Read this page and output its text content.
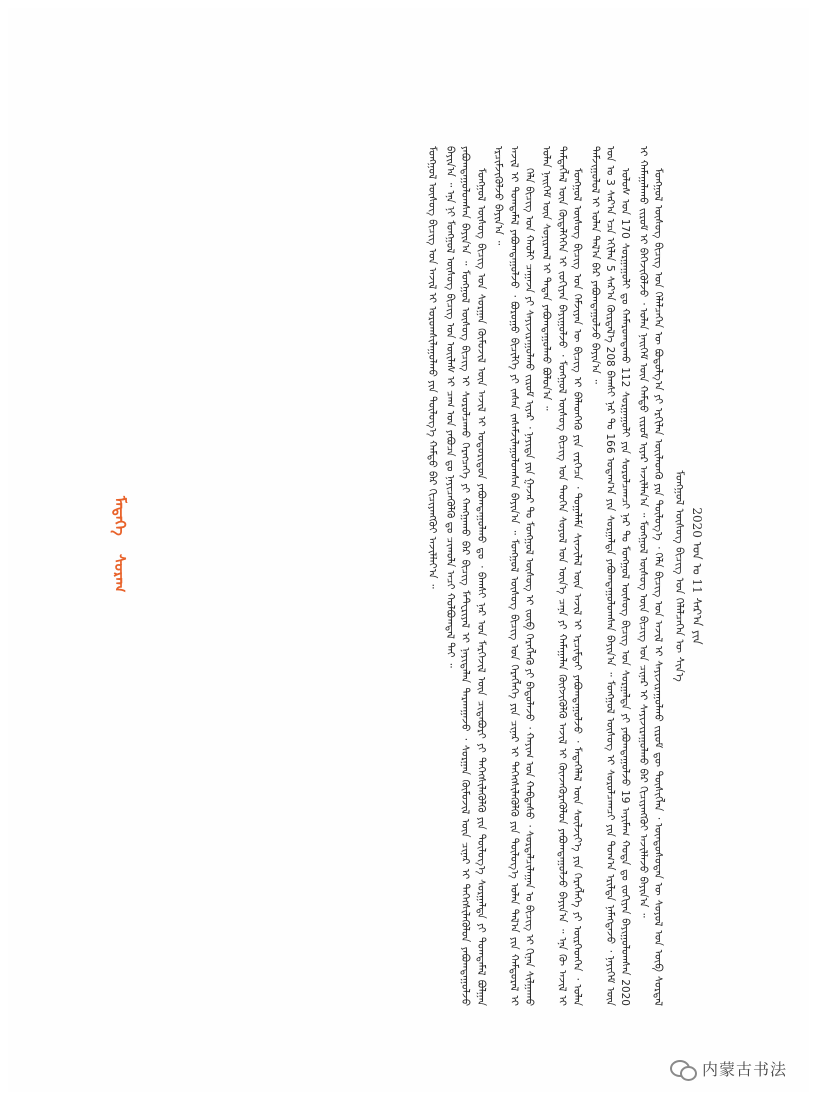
ᠮᠡᠳᠡᠭᠡ
ᠰᠤᠷᠠᠭ	2020 ᠣᠨ ᠤ 11 ᠰᠠᠷ᠎ᠠ ᠶᠢᠨ
ᠮᠣᠩᠭᠣᠯ ᠦᠰᠦᠭ ᠪᠢᠴᠢᠭ ᠤᠨ ᠬᠡᠯᠡᠯᠴᠡᠭᠡᠨ ᠦ ᠰᠢᠨ᠎ᠡ

ᠮᠣᠩᠭᠣᠯ ᠦᠰᠦᠭ ᠪᠢᠴᠢᠭ ᠤᠨ ᠬᠡᠯᠡᠯᠴᠡᠭᠡᠨ ᠦ ᠪᠣᠳᠣᠯᠭ᠎ᠠ ᠶᠢ ᠡᠷᠬᠢᠯᠡᠨ ᠦᠢᠯᠡᠳᠬᠦ ᠶᠢᠨ ᠲᠥᠯᠥᠭ᠎ᠡ ᠂ ᠬᠡᠯᠡ ᠪᠢᠴᠢᠭ ᠤᠨ ᠠᠵᠢᠯ ᠢ ᠰᠠᠶᠢᠵᠢᠷᠠᠭᠤᠯᠬᠤ ᠵᠢᠷᠤᠮ ᠳᠦ ᠲᠦᠰᠢᠭᠯᠠᠨ ᠂ ᠦᠨᠳᠦᠰᠦᠲᠡᠨ ᠦ ᠰᠣᠶᠣᠯ ᠤᠨ ᠦᠪ ᠰᠤᠷᠲᠠᠯ ᠢ ᠬᠠᠮᠠᠭᠠᠯᠠᠬᠤ ᠵᠢᠷᠤᠮ ᠢ ᠪᠡᠬᠡᠵᠢᠭᠦᠯᠵᠦ ᠂ ᠣᠯᠠᠨ ᠨᠡᠢᠭᠡᠮ ᠦᠨ ᠬᠠᠮᠲᠤ ᠵᠢᠷᠤᠮ ᠢᠶᠠᠷ ᠠᠵᠢᠯᠯᠠᠨ᠎ᠠ ᠃ ᠮᠣᠩᠭᠣᠯ ᠦᠰᠦᠭ ᠦᠨ ᠪᠢᠴᠢᠭ ᠤᠨ ᠴᠢᠨᠠᠷ ᠢ ᠰᠠᠶᠢᠵᠢᠷᠠᠭᠤᠯᠬᠤ ᠪᠡᠷ ᠬᠢᠴᠢᠶᠡᠩᠭᠦᠢ ᠠᠵᠢᠯᠯᠠᠵᠤ ᠪᠠᠶᠢᠨ᠎ᠠ ᠃

ᠤᠯᠤᠰ ᠤᠨ 170 ᠰᠤᠷᠭᠠᠭᠤᠯᠢ ᠳᠤ ᠬᠠᠮᠠᠷᠤᠭᠳᠠᠬᠤ 112 ᠰᠤᠷᠭᠠᠭᠤᠯᠢ ᠶᠢᠨ ᠰᠤᠷᠤᠯᠴᠠᠭᠴᠢ ᠨᠠᠷ ᠲᠤ ᠮᠣᠩᠭᠣᠯ ᠦᠰᠦᠭ ᠪᠢᠴᠢᠭ ᠤᠨ ᠰᠤᠷᠭᠠᠯᠲᠠ ᠶᠢ ᠶᠠᠪᠤᠭᠳᠠᠭᠤᠯᠵᠤ 19 ᠠᠶᠢᠮᠠᠭ ᠬᠣᠲᠠ ᠳᠤ ᠵᠣᠬᠢᠶᠠᠨ ᠪᠠᠶᠢᠭᠤᠯᠤᠭᠰᠠᠨ 2020 ᠣᠨ ᠤ 3 ᠰᠠᠷ᠎ᠠ ᠡᠴᠡ ᠡᠬᠢᠯᠡᠨ 5 ᠰᠠᠷ᠎ᠠ ᠬᠦᠷᠲᠡᠯ᠎ᠡ 208 ᠪᠠᠭᠰᠢ ᠨᠠᠷ ᠲᠤ 166 ᠤᠳᠠᠭ᠎ᠠ ᠶᠢᠨ ᠰᠤᠷᠭᠠᠯᠲᠠ ᠶᠠᠪᠤᠭᠳᠠᠭᠤᠯᠤᠭᠰᠠᠨ ᠪᠠᠶᠢᠨ᠎ᠠ ᠃ ᠮᠣᠩᠭᠣᠯ ᠦᠰᠦᠭ ᠢ ᠰᠤᠷᠤᠯᠴᠠᠭᠴᠢ ᠶᠢᠨ ᠲᠣᠭ᠎ᠠ ᠡᠷᠢᠯᠳᠡ ᠨᠡᠮᠡᠭᠳᠡᠵᠦ ᠂ ᠨᠡᠶᠢᠭᠡᠮ ᠦᠨ ᠳᠠᠮᠵᠢᠭᠤᠯᠤᠯ ᠢ ᠣᠯᠠᠨ ᠲᠠᠯ᠎ᠠ ᠪᠠᠷ ᠶᠠᠪᠤᠭᠳᠠᠭᠤᠯᠵᠤ ᠪᠠᠶᠢᠨ᠎ᠠ ᠃

ᠮᠣᠩᠭᠣᠯ ᠦᠰᠦᠭ ᠪᠢᠴᠢᠭ ᠤᠨ ᠬᠡᠮᠵᠢᠶᠡᠨ ᠦ ᠪᠢᠴᠢᠭ ᠢ ᠪᠡᠯᠡᠳᠬᠡᠬᠦ ᠶᠢᠨ ᠵᠡᠷᠭᠡᠴᠡ ᠂ ᠲᠣᠭᠠᠯᠠᠮᠠ ᠰᠢᠨᠵᠢᠯᠡᠯ ᠦᠨ ᠠᠵᠢᠯ ᠢ ᠡᠷᠴᠢᠮᠲᠡᠢ ᠶᠠᠪᠤᠭᠳᠠᠭᠤᠯᠵᠤ ᠂ ᠮᠡᠳᠡᠭᠡᠯᠡᠯ ᠦᠨ ᠰᠦᠯᠵᠢᠶ᠎ᠡ ᠶᠢᠨ ᠬᠡᠷᠡᠭᠯᠡᠭᠡ ᠶᠢ ᠥᠷᠭᠡᠳᠬᠡᠨ ᠂ ᠣᠯᠠᠨ ᠲᠡᠮᠳᠡᠭᠯᠡᠯ ᠦᠨ ᠬᠦᠳᠡᠯᠭᠡᠭᠡᠨ ᠢ ᠵᠣᠬᠢᠶᠠᠨ ᠪᠠᠶᠢᠭᠤᠯᠵᠤ ᠂ ᠮᠣᠩᠭᠣᠯ ᠦᠰᠦᠭ ᠪᠢᠴᠢᠭ ᠤᠨ ᠲᠡᠦᠬᠡᠨ ᠰᠣᠶᠣᠯ ᠤᠨ ᠦᠨ᠎ᠡ ᠴᠡᠨᠡ ᠶᠢ ᠬᠠᠮᠠᠭᠠᠯᠠᠨ ᠬᠥᠭᠵᠢᠭᠦᠯᠬᠦ ᠠᠵᠢᠯ ᠢ ᠭᠦᠨᠵᠡᠭᠦᠷᠡᠭᠦᠯᠦᠨ ᠶᠠᠪᠤᠭᠳᠠᠭᠤᠯᠵᠤ ᠪᠠᠶᠢᠨ᠎ᠠ ᠃ ᠡᠨᠡ ᠬᠦ ᠠᠵᠢᠯ ᠢ ᠣᠯᠠᠨ ᠨᠡᠢᠭᠡᠮ ᠦᠨ ᠰᠣᠨᠢᠷᠬᠠᠯ ᠢ ᠲᠠᠲᠠᠨ ᠶᠠᠪᠤᠭᠳᠠᠭᠤᠯᠬᠤ ᠪᠣᠯᠤᠨ᠎ᠠ ᠃

ᠬᠡᠯᠡ ᠪᠢᠴᠢᠭ ᠤᠨ ᠬᠠᠤᠯᠢ ᠴᠠᠭᠠᠵᠠ ᠶᠢ ᠰᠠᠶᠢᠵᠢᠷᠠᠭᠤᠯᠬᠤ ᠵᠢᠷᠤᠮ ᠢᠶᠠᠷ ᠂ ᠨᠡᠶᠢᠲᠡ ᠶᠢᠨ ᠭᠠᠵᠠᠷ ᠲᠤ ᠮᠣᠩᠭᠣᠯ ᠦᠰᠦᠭ ᠢ ᠵᠥᠪ ᠬᠡᠷᠡᠭᠯᠡᠬᠦ ᠶᠢ ᠪᠠᠲᠤᠯᠠᠵᠤ ᠂ ᠬᠠᠶᠢᠭ ᠤᠨ ᠬᠠᠪᠲᠠᠰᠤ ᠂ ᠰᠤᠷᠲᠠᠯᠴᠢᠯᠠᠭᠠᠨ ᠤ ᠪᠢᠴᠢᠭ ᠢ ᠬᠢᠨᠠᠨ ᠰᠢᠯᠭᠠᠬᠤ ᠠᠵᠢᠯ ᠢ ᠲᠣᠭᠲᠠᠮᠠᠯ ᠶᠠᠪᠤᠭᠳᠠᠭᠤᠯᠵᠤ ᠂ ᠪᠤᠷᠤᠭᠤ ᠪᠢᠴᠢᠯᠭᠡ ᠶᠢ ᠵᠠᠰᠠᠨ ᠵᠠᠰᠠᠮᠵᠢᠯᠠᠭᠤᠯᠤᠭᠰᠠᠨ ᠪᠠᠶᠢᠨ᠎ᠠ ᠃ ᠮᠣᠩᠭᠣᠯ ᠦᠰᠦᠭ ᠪᠢᠴᠢᠭ ᠤᠨ ᠬᠡᠷᠡᠭᠯᠡᠭᠡ ᠶᠢᠨ ᠴᠢᠨᠠᠷ ᠢ ᠳᠡᠭᠡᠭᠰᠢᠯᠡᠭᠦᠯᠬᠦ ᠶᠢᠨ ᠲᠥᠯᠥᠭ᠎ᠡ ᠣᠯᠠᠨ ᠲᠠᠯ᠎ᠠ ᠶᠢᠨ ᠬᠠᠮᠲᠤᠷᠠᠯ ᠢ ᠡᠷᠴᠢᠮᠵᠢᠭᠦᠯᠵᠦ ᠪᠠᠶᠢᠨ᠎ᠠ ᠃

ᠮᠣᠩᠭᠣᠯ ᠦᠰᠦᠭ ᠪᠢᠴᠢᠭ ᠤᠨ ᠰᠤᠷᠭᠠᠨ ᠬᠦᠮᠦᠵᠢᠯ ᠦᠨ ᠠᠵᠢᠯ ᠢ ᠤᠳᠤᠷᠢᠳᠤᠨ ᠶᠠᠪᠤᠭᠳᠠᠭᠤᠯᠬᠤ ᠳᠤ ᠂ ᠪᠠᠭᠰᠢ ᠨᠠᠷ ᠤᠨ ᠮᠡᠷᠭᠡᠵᠢᠯ ᠦᠨ ᠴᠢᠳᠠᠪᠤᠷᠢ ᠶᠢ ᠳᠡᠭᠡᠭᠰᠢᠯᠡᠭᠦᠯᠬᠦ ᠶᠢᠨ ᠲᠥᠯᠥᠭ᠎ᠡ ᠰᠤᠷᠭᠠᠯᠲᠠ ᠶᠢ ᠲᠣᠭᠲᠠᠮᠠᠯ ᠪᠣᠯᠭᠠᠨ ᠶᠠᠪᠤᠭᠳᠠᠭᠤᠯᠤᠭᠰᠠᠨ ᠪᠠᠶᠢᠨ᠎ᠠ ᠃ ᠮᠣᠩᠭᠣᠯ ᠦᠰᠦᠭ ᠪᠢᠴᠢᠭ ᠢ ᠰᠤᠷᠤᠯᠴᠠᠬᠤ ᠬᠡᠷᠡᠭᠴᠡᠭᠡ ᠶᠢ ᠬᠠᠩᠭᠠᠬᠤ ᠪᠠᠷ ᠪᠢᠴᠢᠭ ᠮᠠᠲ᠋ᠧᠷᠢᠶᠠᠯ ᠢ ᠨᠡᠶᠢᠲᠡᠯᠡᠨ ᠲᠠᠷᠬᠠᠭᠠᠵᠤ ᠂ ᠰᠤᠷᠭᠠᠨ ᠬᠦᠮᠦᠵᠢᠯ ᠦᠨ ᠴᠢᠨᠠᠷ ᠢ ᠳᠡᠭᠡᠭᠰᠢᠯᠡᠭᠦᠯᠦᠨ ᠶᠠᠪᠤᠭᠳᠠᠭᠤᠯᠵᠤ ᠪᠠᠶᠢᠨ᠎ᠠ ᠃ ᠡᠨᠡ ᠨᠢ ᠮᠣᠩᠭᠣᠯ ᠦᠰᠦᠭ ᠪᠢᠴᠢᠭ ᠤᠨ ᠦᠢᠯᠡᠰ ᠢ ᠴᠠᠭ ᠤᠨ ᠶᠠᠪᠤᠴᠠ ᠳᠤ ᠨᠡᠶᠢᠴᠡᠭᠦᠯᠬᠦ ᠳᠤ ᠴᠢᠬᠤᠯᠠ ᠠᠴᠢ ᠬᠣᠯᠪᠣᠭᠳᠠᠯ ᠲᠠᠢ ᠃

ᠮᠣᠩᠭᠣᠯ ᠦᠰᠦᠭ ᠪᠢᠴᠢᠭ ᠤᠨ ᠠᠵᠢᠯ ᠢ ᠤᠷᠤᠭᠰᠢᠯᠠᠭᠤᠯᠬᠤ ᠶᠢᠨ ᠲᠥᠯᠥᠭ᠎ᠡ ᠬᠠᠮᠲᠤ ᠪᠡᠷ ᠬᠢᠴᠢᠶᠡᠩᠭᠦᠢ ᠠᠵᠢᠯᠯᠠᠶ᠎ᠠ ᠃

内蒙古书法
